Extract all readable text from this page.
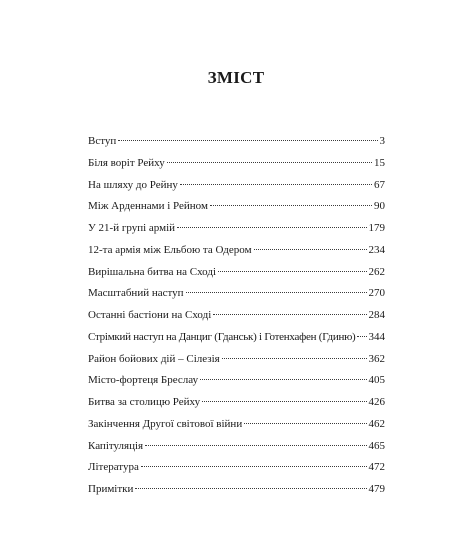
ЗМІСТ
Вступ	3
Біля воріт Рейху	15
На шляху до Рейну	67
Між Арденнами і Рейном	90
У 21-й групі армій	179
12-та армія між Ельбою та Одером	234
Вирішальна битва на Сході	262
Масштабний наступ	270
Останні бастіони на Сході	284
Стрімкий наступ на Данциг (Гданськ) і Готенхафен (Гдиню) 344
Район бойових дій – Сілезія	362
Місто-фортеця Бреслау	405
Битва за столицю Рейху	426
Закінчення Другої світової війни	462
Капітуляція	465
Література	472
Примітки	479
